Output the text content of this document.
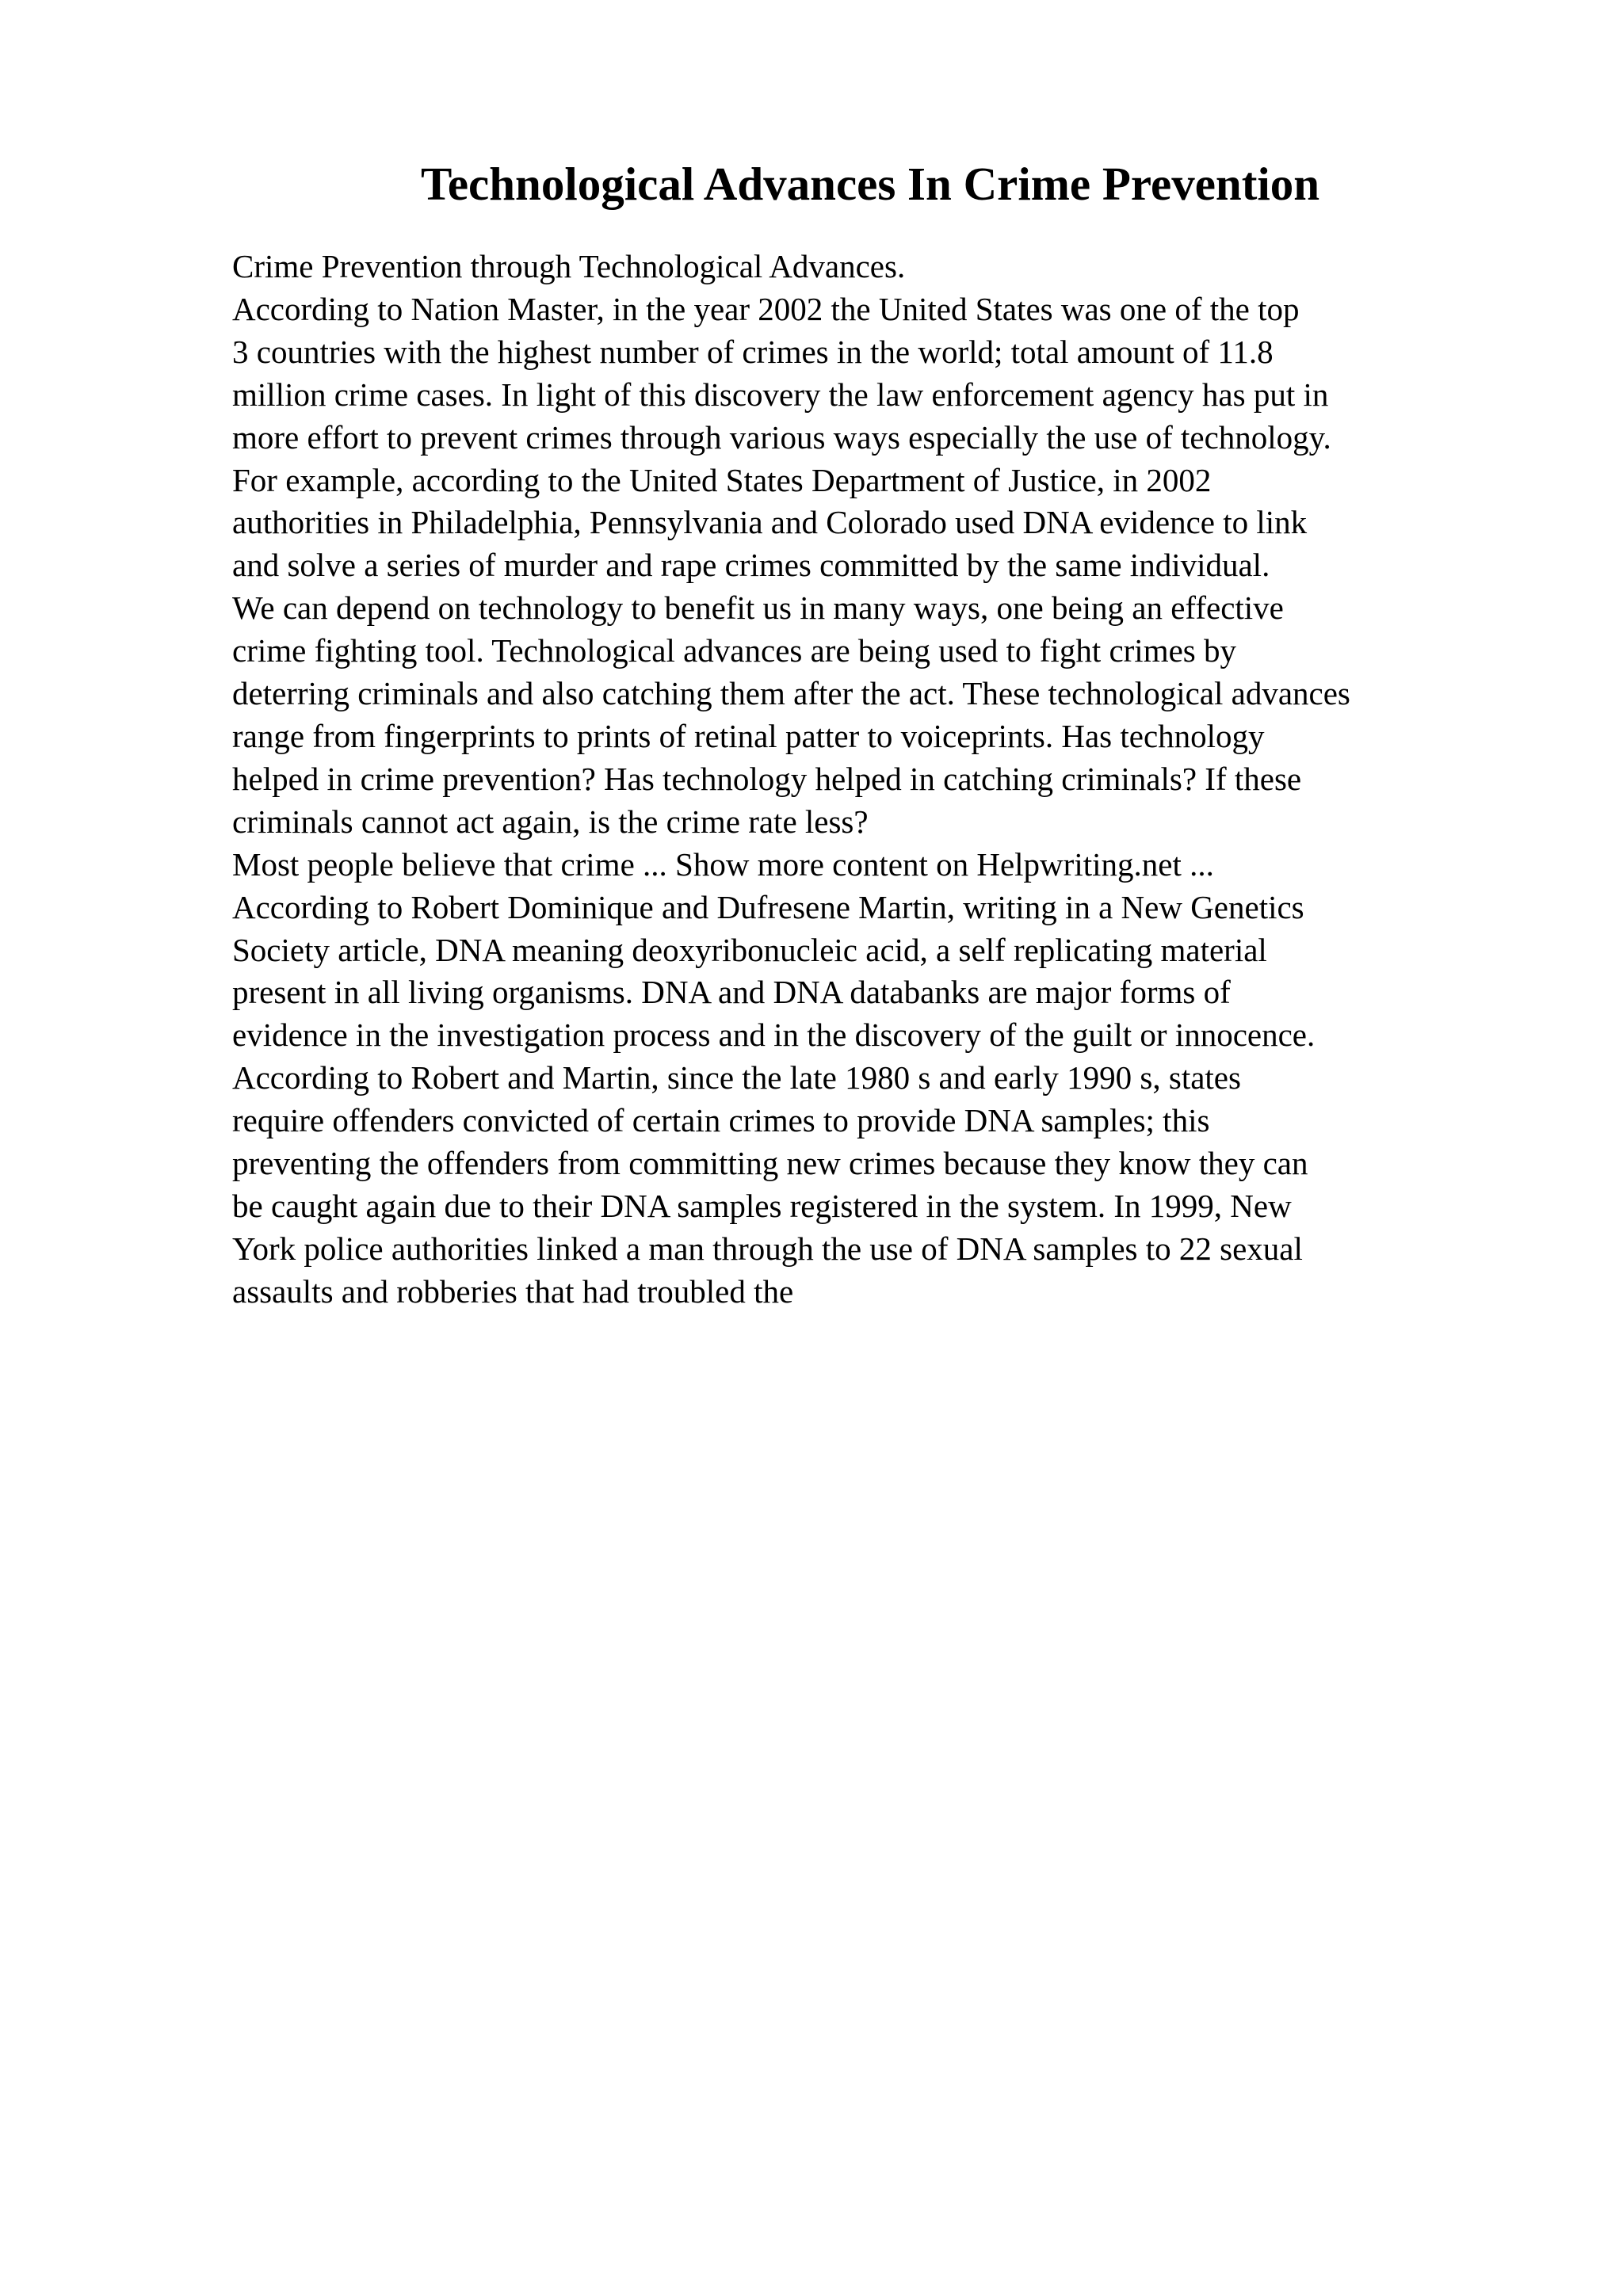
Technological Advances In Crime Prevention
Crime Prevention through Technological Advances.
According to Nation Master, in the year 2002 the United States was one of the top
3 countries with the highest number of crimes in the world; total amount of 11.8
million crime cases. In light of this discovery the law enforcement agency has put in
more effort to prevent crimes through various ways especially the use of technology.
For example, according to the United States Department of Justice, in 2002
authorities in Philadelphia, Pennsylvania and Colorado used DNA evidence to link
and solve a series of murder and rape crimes committed by the same individual.
We can depend on technology to benefit us in many ways, one being an effective
crime fighting tool. Technological advances are being used to fight crimes by
deterring criminals and also catching them after the act. These technological advances
range from fingerprints to prints of retinal patter to voiceprints. Has technology
helped in crime prevention? Has technology helped in catching criminals? If these
criminals cannot act again, is the crime rate less?
Most people believe that crime ... Show more content on Helpwriting.net ...
According to Robert Dominique and Dufresene Martin, writing in a New Genetics
Society article, DNA meaning deoxyribonucleic acid, a self replicating material
present in all living organisms. DNA and DNA databanks are major forms of
evidence in the investigation process and in the discovery of the guilt or innocence.
According to Robert and Martin, since the late 1980 s and early 1990 s, states
require offenders convicted of certain crimes to provide DNA samples; this
preventing the offenders from committing new crimes because they know they can
be caught again due to their DNA samples registered in the system. In 1999, New
York police authorities linked a man through the use of DNA samples to 22 sexual
assaults and robberies that had troubled the
